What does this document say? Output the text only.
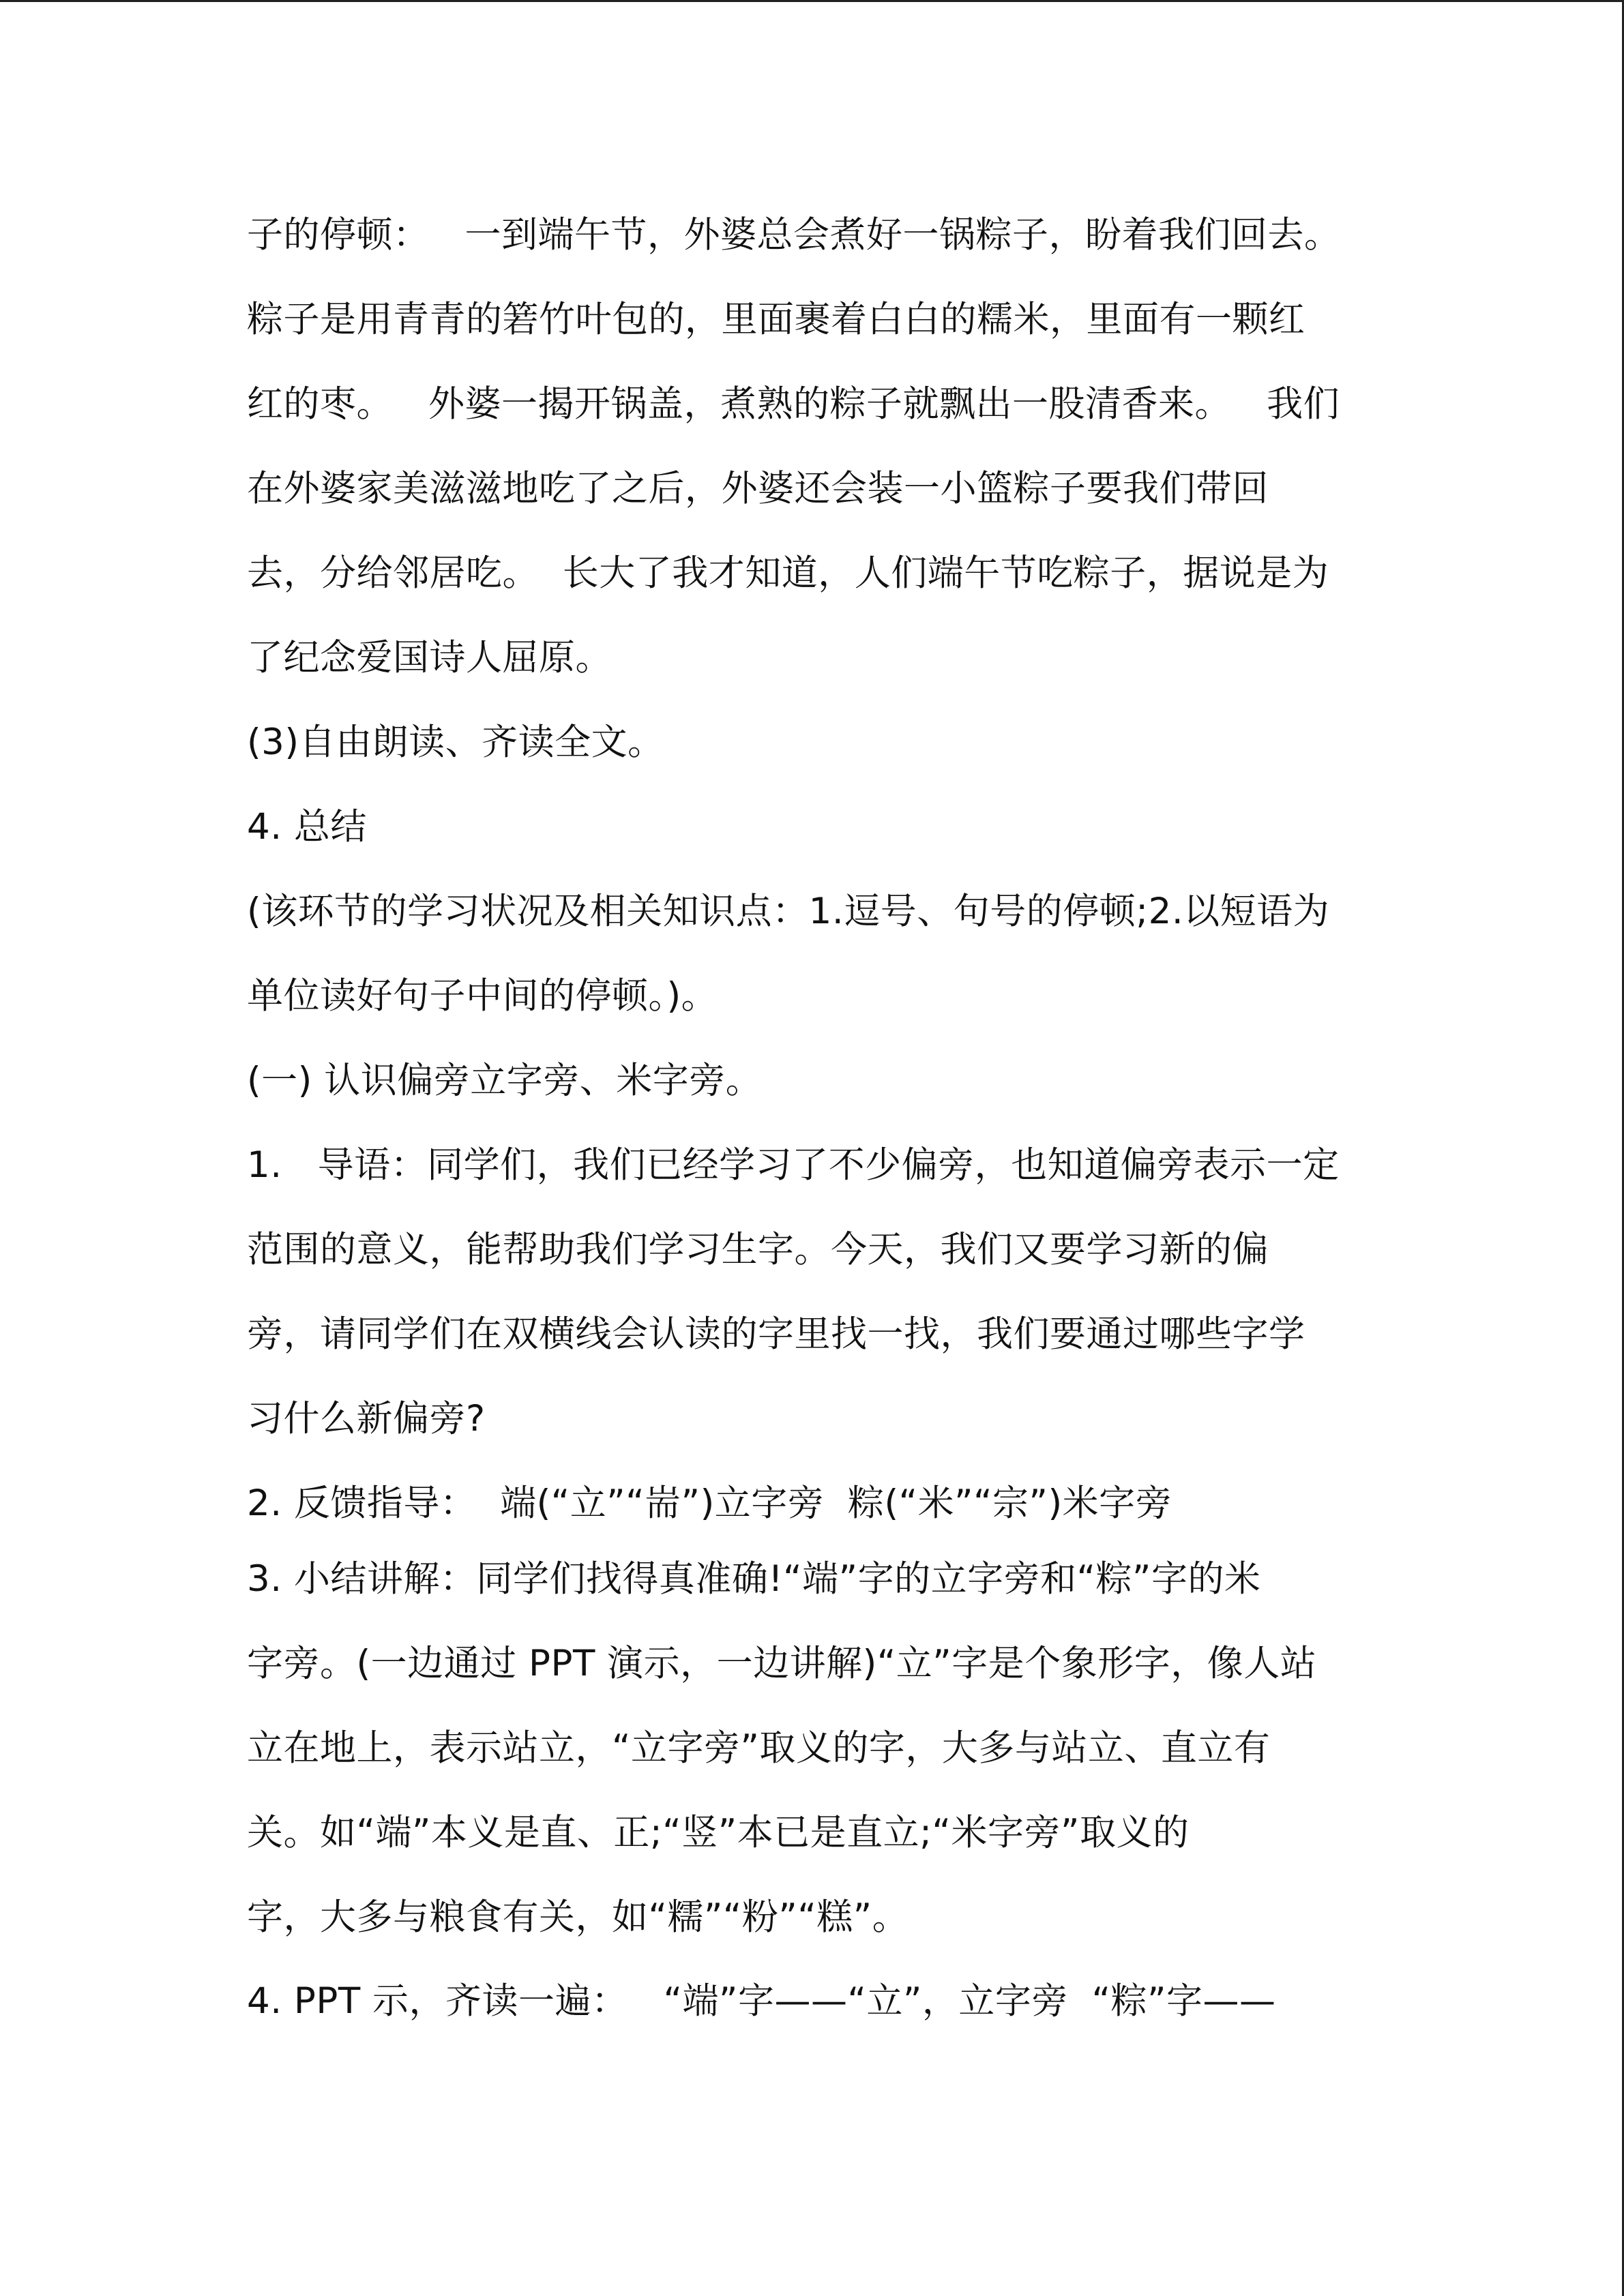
子的停顿：   一到端午节，外婆总会煮好一锅粽子，盼着我们回去。
粽子是用青青的箬竹叶包的，里面裹着白白的糯米，里面有一颗红
红的枣。   外婆一揭开锅盖，煮熟的粽子就飘出一股清香来。   我们
在外婆家美滋滋地吃了之后，外婆还会装一小篮粽子要我们带回
去，分给邻居吃。  长大了我才知道，人们端午节吃粽子，据说是为
了纪念爱国诗人屈原。
(3)自由朗读、齐读全文。
4. 总结
(该环节的学习状况及相关知识点：1.逗号、句号的停顿;2.以短语为
单位读好句子中间的停顿。)。
(一) 认识偏旁立字旁、米字旁。
1.   导语：同学们，我们已经学习了不少偏旁，也知道偏旁表示一定
范围的意义，能帮助我们学习生字。今天，我们又要学习新的偏
旁，请同学们在双横线会认读的字里找一找，我们要通过哪些字学
习什么新偏旁?
2. 反馈指导：  端(“立”“耑”)立字旁  粽(“米”“宗”)米字旁
3. 小结讲解：同学们找得真准确!“端”字的立字旁和“粽”字的米
字旁。(一边通过 PPT 演示，一边讲解)“立”字是个象形字，像人站
立在地上，表示站立，“立字旁”取义的字，大多与站立、直立有
关。如“端”本义是直、正;“竖”本已是直立;“米字旁”取义的
字，大多与粮食有关，如“糯”“粉”“糕”。
4. PPT 示，齐读一遍：   “端”字——“立”，立字旁  “粽”字——
